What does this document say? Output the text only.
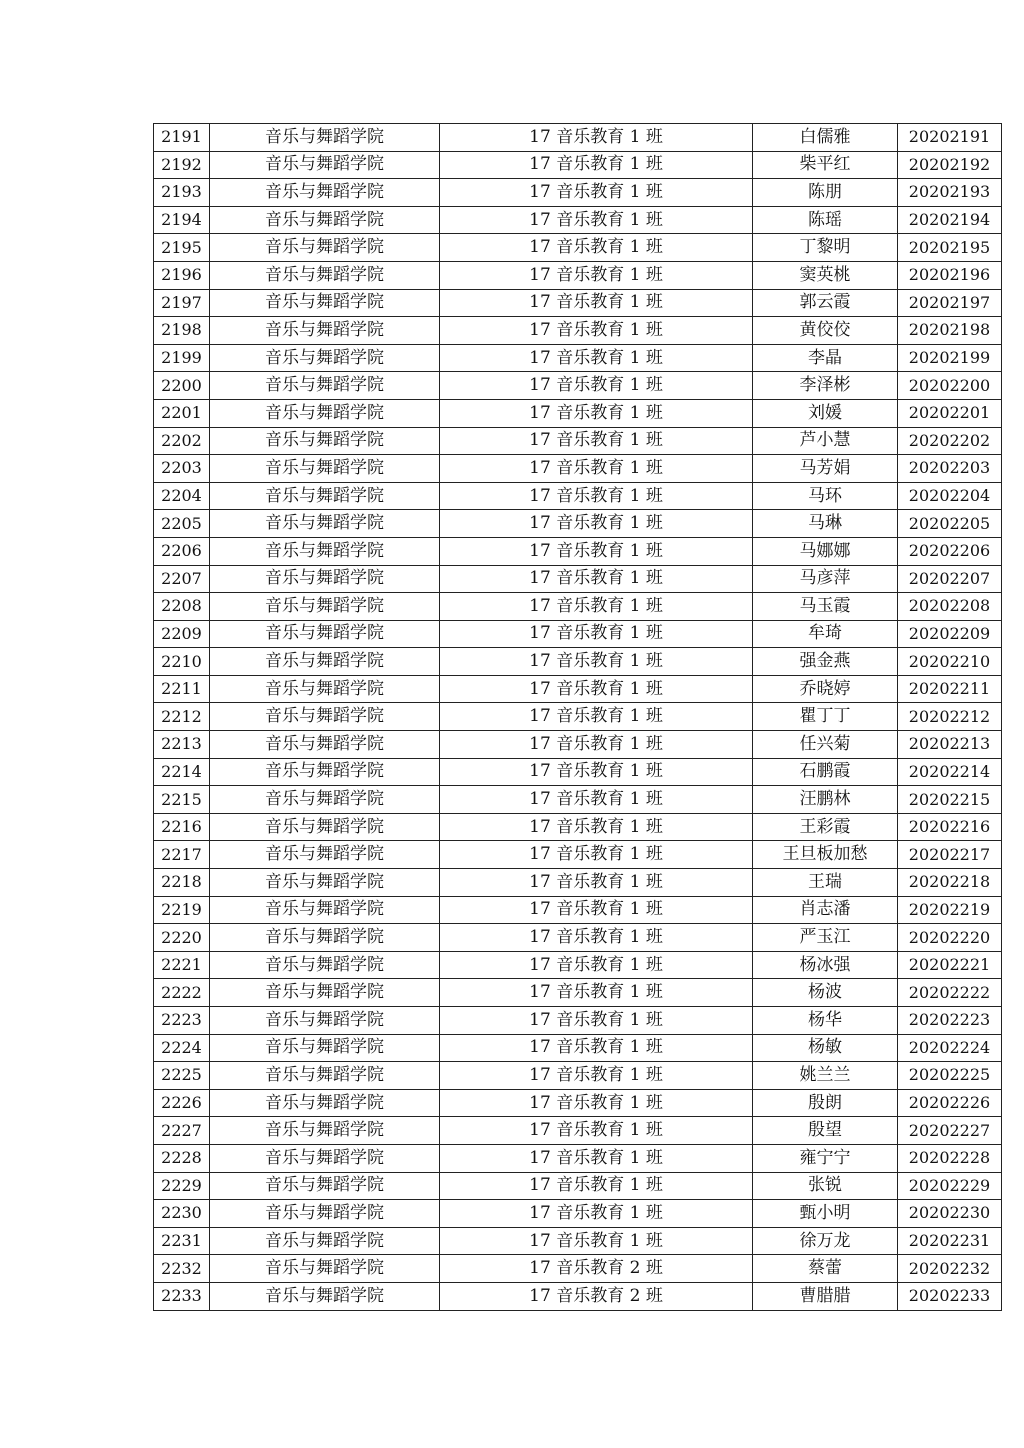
2191	音乐与舞蹈学院	17 音乐教育 1 班	白儒雅	20202191
2192	音乐与舞蹈学院	17 音乐教育 1 班	柴平红	20202192
2193	音乐与舞蹈学院	17 音乐教育 1 班	陈朋	20202193
2194	音乐与舞蹈学院	17 音乐教育 1 班	陈瑶	20202194
2195	音乐与舞蹈学院	17 音乐教育 1 班	丁黎明	20202195
2196	音乐与舞蹈学院	17 音乐教育 1 班	窦英桃	20202196
2197	音乐与舞蹈学院	17 音乐教育 1 班	郭云霞	20202197
2198	音乐与舞蹈学院	17 音乐教育 1 班	黄佼佼	20202198
2199	音乐与舞蹈学院	17 音乐教育 1 班	李晶	20202199
2200	音乐与舞蹈学院	17 音乐教育 1 班	李泽彬	20202200
2201	音乐与舞蹈学院	17 音乐教育 1 班	刘媛	20202201
2202	音乐与舞蹈学院	17 音乐教育 1 班	芦小慧	20202202
2203	音乐与舞蹈学院	17 音乐教育 1 班	马芳娟	20202203
2204	音乐与舞蹈学院	17 音乐教育 1 班	马环	20202204
2205	音乐与舞蹈学院	17 音乐教育 1 班	马琳	20202205
2206	音乐与舞蹈学院	17 音乐教育 1 班	马娜娜	20202206
2207	音乐与舞蹈学院	17 音乐教育 1 班	马彦萍	20202207
2208	音乐与舞蹈学院	17 音乐教育 1 班	马玉霞	20202208
2209	音乐与舞蹈学院	17 音乐教育 1 班	牟琦	20202209
2210	音乐与舞蹈学院	17 音乐教育 1 班	强金燕	20202210
2211	音乐与舞蹈学院	17 音乐教育 1 班	乔晓婷	20202211
2212	音乐与舞蹈学院	17 音乐教育 1 班	瞿丁丁	20202212
2213	音乐与舞蹈学院	17 音乐教育 1 班	任兴菊	20202213
2214	音乐与舞蹈学院	17 音乐教育 1 班	石鹏霞	20202214
2215	音乐与舞蹈学院	17 音乐教育 1 班	汪鹏林	20202215
2216	音乐与舞蹈学院	17 音乐教育 1 班	王彩霞	20202216
2217	音乐与舞蹈学院	17 音乐教育 1 班	王旦板加愁	20202217
2218	音乐与舞蹈学院	17 音乐教育 1 班	王瑞	20202218
2219	音乐与舞蹈学院	17 音乐教育 1 班	肖志潘	20202219
2220	音乐与舞蹈学院	17 音乐教育 1 班	严玉江	20202220
2221	音乐与舞蹈学院	17 音乐教育 1 班	杨冰强	20202221
2222	音乐与舞蹈学院	17 音乐教育 1 班	杨波	20202222
2223	音乐与舞蹈学院	17 音乐教育 1 班	杨华	20202223
2224	音乐与舞蹈学院	17 音乐教育 1 班	杨敏	20202224
2225	音乐与舞蹈学院	17 音乐教育 1 班	姚兰兰	20202225
2226	音乐与舞蹈学院	17 音乐教育 1 班	殷朗	20202226
2227	音乐与舞蹈学院	17 音乐教育 1 班	殷望	20202227
2228	音乐与舞蹈学院	17 音乐教育 1 班	雍宁宁	20202228
2229	音乐与舞蹈学院	17 音乐教育 1 班	张锐	20202229
2230	音乐与舞蹈学院	17 音乐教育 1 班	甄小明	20202230
2231	音乐与舞蹈学院	17 音乐教育 1 班	徐万龙	20202231
2232	音乐与舞蹈学院	17 音乐教育 2 班	蔡蕾	20202232
2233	音乐与舞蹈学院	17 音乐教育 2 班	曹腊腊	20202233
